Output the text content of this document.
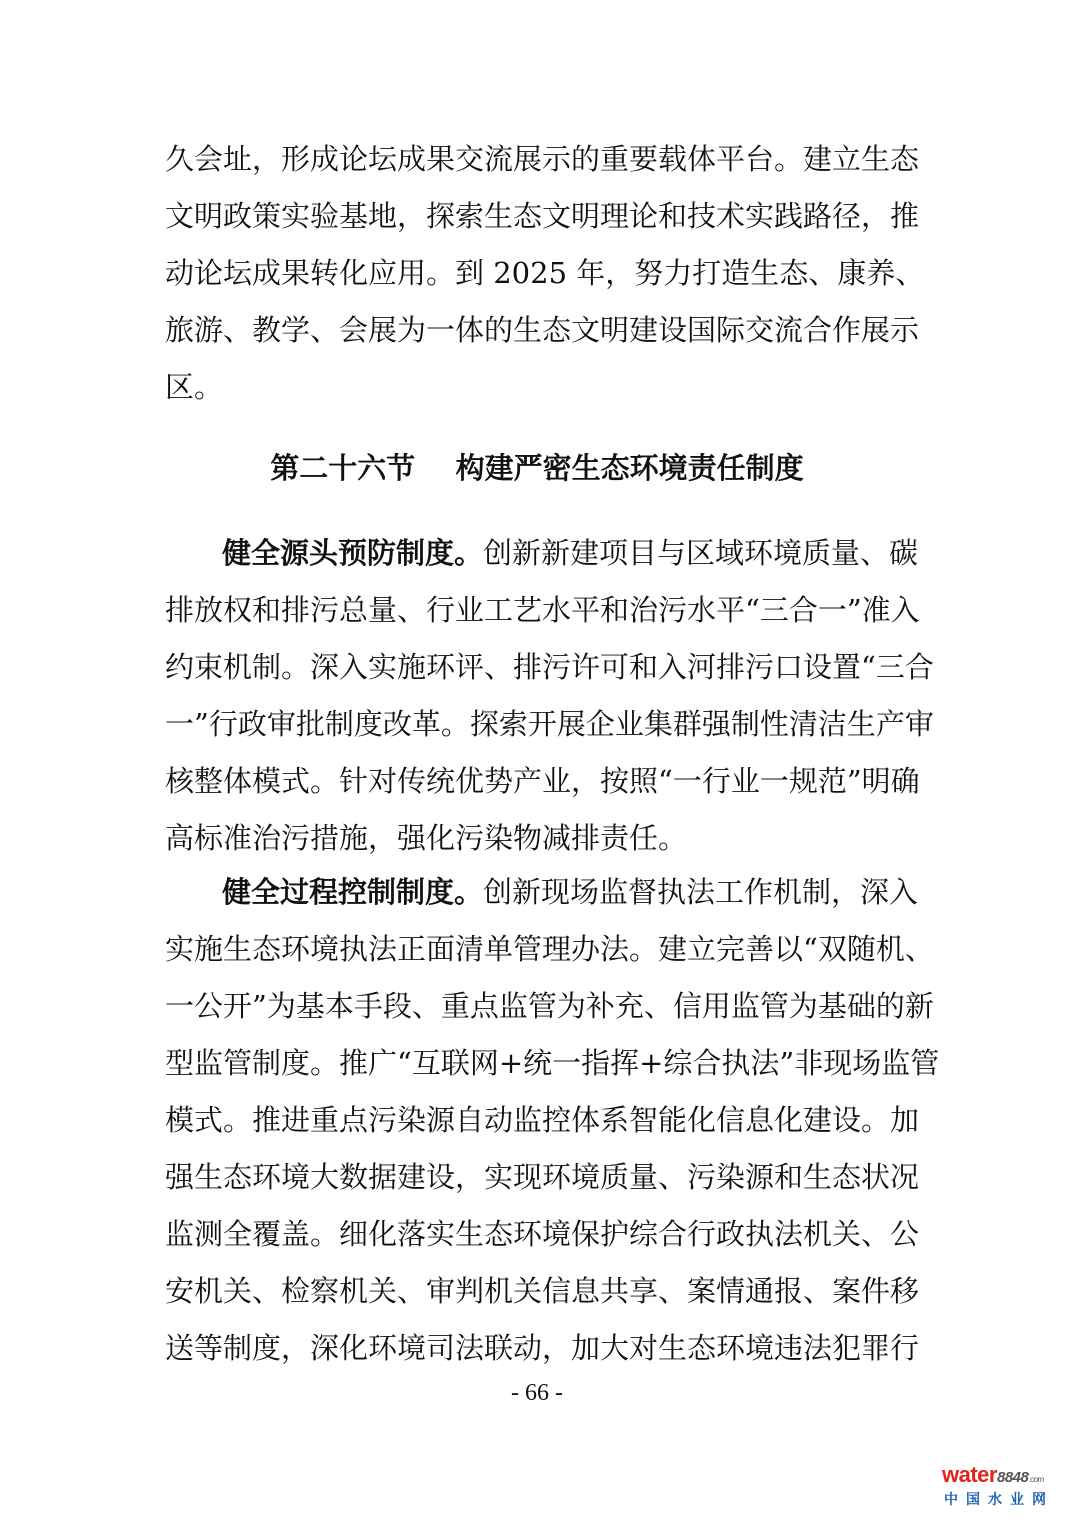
久会址，形成论坛成果交流展示的重要载体平台。建立生态
文明政策实验基地，探索生态文明理论和技术实践路径，推
动论坛成果转化应用。到 2025 年，努力打造生态、康养、
旅游、教学、会展为一体的生态文明建设国际交流合作展示
区。
第二十六节    构建严密生态环境责任制度
健全源头预防制度。创新新建项目与区域环境质量、碳
排放权和排污总量、行业工艺水平和治污水平“三合一”准入
约束机制。深入实施环评、排污许可和入河排污口设置“三合
一”行政审批制度改革。探索开展企业集群强制性清洁生产审
核整体模式。针对传统优势产业，按照“一行业一规范”明确
高标准治污措施，强化污染物减排责任。
健全过程控制制度。创新现场监督执法工作机制，深入
实施生态环境执法正面清单管理办法。建立完善以“双随机、
一公开”为基本手段、重点监管为补充、信用监管为基础的新
型监管制度。推广“互联网+统一指挥+综合执法”非现场监管
模式。推进重点污染源自动监控体系智能化信息化建设。加
强生态环境大数据建设，实现环境质量、污染源和生态状况
监测全覆盖。细化落实生态环境保护综合行政执法机关、公
安机关、检察机关、审判机关信息共享、案情通报、案件移
送等制度，深化环境司法联动，加大对生态环境违法犯罪行
- 66 -
water8848.com
中国水业网
